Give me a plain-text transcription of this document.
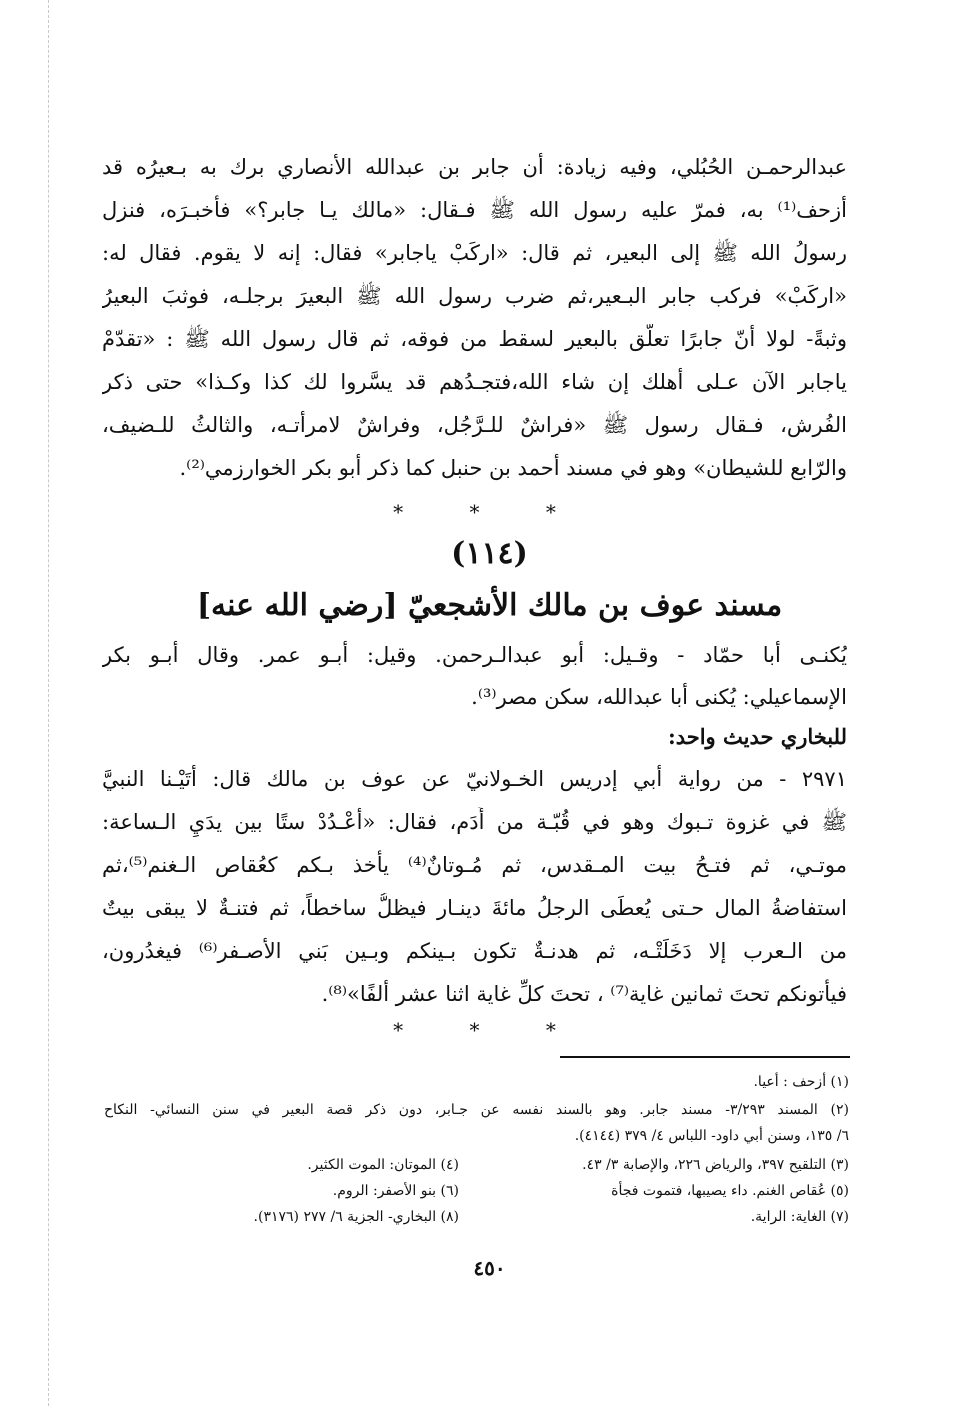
عبدالرحمـن الحُبُلي، وفيه زيادة: أن جابر بن عبدالله الأنصاري برك به بـعيرُه قد
أزحف⁽¹⁾ به، فمرّ عليه رسول الله ﷺ فـقال: «مالك يـا جابر؟» فأخبـرَه، فنزل
رسولُ الله ﷺ إلى البعير، ثم قال: «اركَبْ ياجابر» فقال: إنه لا يقوم. فقال له:
«اركَبْ» فركب جابر البـعير،ثم ضرب رسول الله ﷺ البعيرَ برجلـه، فوثبَ البعيرُ
وثبةً- لولا أنّ جابرًا تعلّق بالبعير لسقط من فوقه، ثم قال رسول الله ﷺ : «تقدّمْ
ياجابر الآن عـلى أهلك إن شاء الله،فتجـدُهم قد يسَّروا لك كذا وكـذا» حتى ذكر
الفُرش، فـقال رسول ﷺ «فراشٌ للـرَّجُل، وفراشٌ لامرأتـه، والثالثُ للـضيف،
والرّابع للشيطان» وهو في مسند أحمد بن حنبل كما ذكر أبو بكر الخوارزمي⁽²⁾.
* * *
(١١٤)
مسند عوف بن مالك الأشجعيّ [رضي الله عنه]
يُكنـى أبا حمّاد - وقـيل: أبو عبدالـرحمن. وقيل: أبـو عمر. وقال أبـو بكر
الإسماعيلي: يُكنى أبا عبدالله، سكن مصر⁽³⁾.
للبخاري حديث واحد:
٢٩٧١ - من رواية أبي إدريس الخـولانيّ عن عوف بن مالك قال: أتَيْـنا النبيَّ
ﷺ في غزوة تـبوك وهو في قُبّـة من أَدَم، فقال: «أعْـدُدْ ستًا بين يدَيِ الـساعة:
موتـي، ثم فتـحُ بيت المـقدس، ثم مُـوتانٌ⁽⁴⁾ يأخذ بـكم كعُقاص الـغنم⁽⁵⁾،ثم
استفاضةُ المال حـتى يُعطَى الرجلُ مائةَ دينـار فيظلُّ ساخطاً، ثم فتنـةٌ لا يبقى بيتٌ
من الـعرب إلا دَخَلَتْـه، ثم هدنـةٌ تكون بـينكم وبـين بَني الأصـفر⁽⁶⁾ فيغدُرون،
فيأتونكم تحتَ ثمانين غاية⁽⁷⁾ ، تحتَ كلِّ غاية اثنا عشر ألفًا»⁽⁸⁾.
* * *
(١) أزحف : أعيا.
(٢) المسند ٣/٢٩٣- مسند جابر. وهو بالسند نفسه عن جـابر، دون ذكر قصة البعير في سنن النسائي- النكاح
٦/ ١٣٥، وسنن أبي داود- اللباس ٤/ ٣٧٩ (٤١٤٤).
(٣) التلقيح ٣٩٧، والرياض ٢٢٦، والإصابة ٣/ ٤٣.
(٤) الموتان: الموت الكثير.
(٥) عُقاص الغنم. داء يصيبها، فتموت فجأة
(٦) بنو الأصفر: الروم.
(٧) الغاية: الراية.
(٨) البخاري- الجزية ٦/ ٢٧٧ (٣١٧٦).
٤٥٠
